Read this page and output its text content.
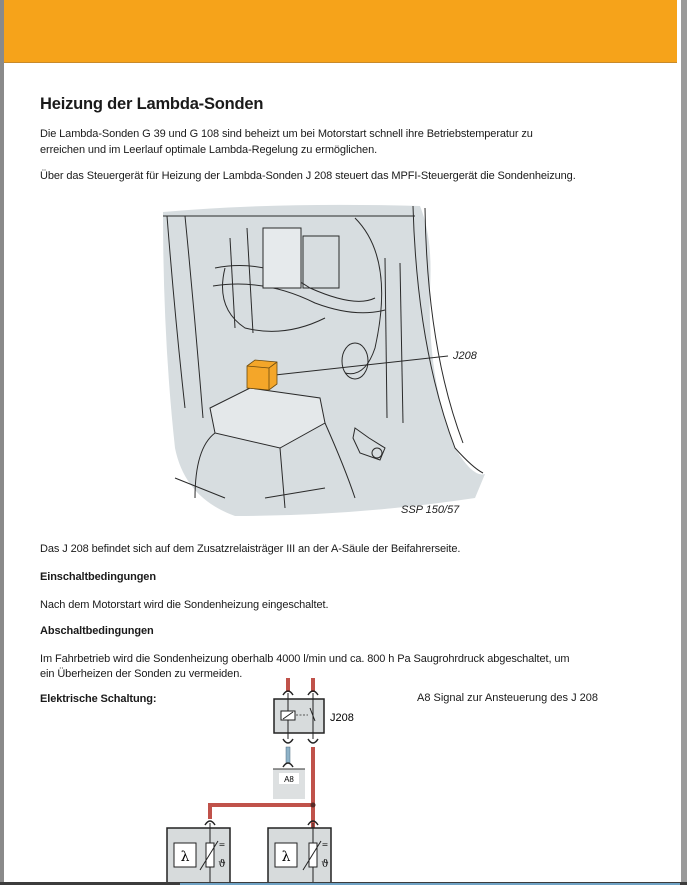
Heizung der Lambda-Sonden

Die Lambda-Sonden G 39 und G 108 sind beheizt um bei Motorstart schnell ihre Betriebstemperatur zu

erreichen und im Leerlauf optimale Lambda-Regelung zu ermöglichen.

Über das Steuergerät für Heizung der Lambda-Sonden J 208 steuert das MPFI-Steuergerät die Sondenheizung.

J208
SSP 150/57

Das J 208 befindet sich auf dem Zusatzrelaisträger III an der A-Säule der Beifahrerseite.

Einschaltbedingungen

Nach dem Motorstart wird die Sondenheizung eingeschaltet.

Abschaltbedingungen

Im Fahrbetrieb wird die Sondenheizung oberhalb 4000 l/min und ca. 800 h Pa Saugrohrdruck abgeschaltet, um

ein Überheizen der Sonden zu vermeiden.

Elektrische Schaltung:
A8
λ	ϑ
=
λ	ϑ
=
J208
A8 Signal zur Ansteuerung des J 208
